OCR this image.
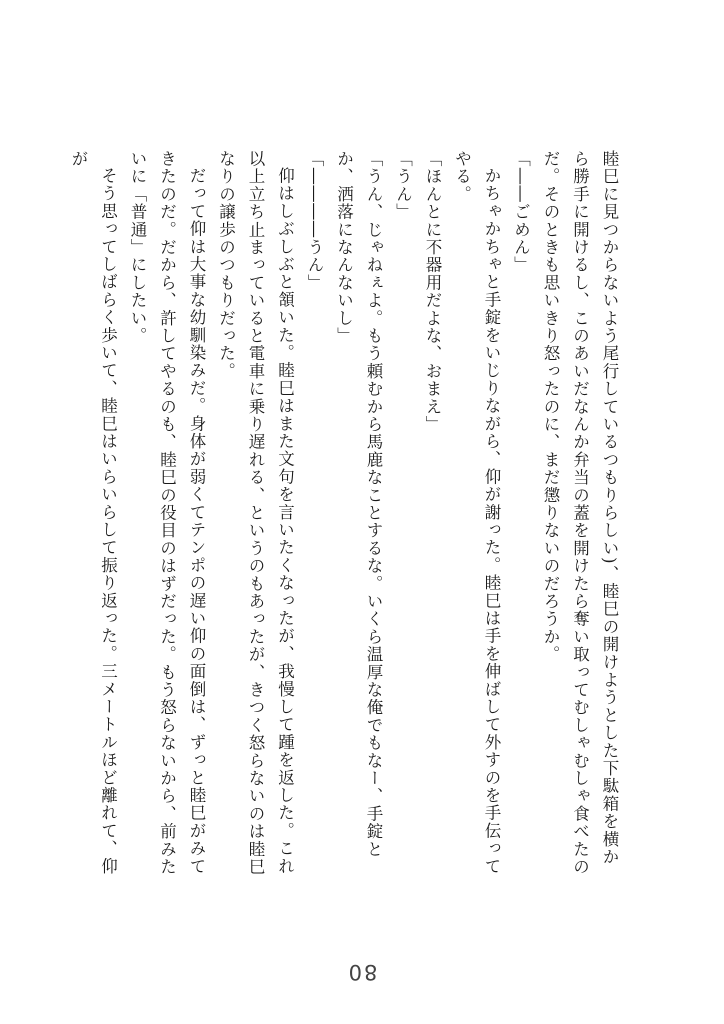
睦巳に見つからないよう尾行しているつもりらしい)、睦巳の開けようとした下駄箱を横から勝手に開けるし、このあいだなんか弁当の蓋を開けたら奪い取ってむしゃむしゃ食べたのだ。そのときも思いきり怒ったのに、まだ懲りないのだろうか。

「――ごめん」

かちゃかちゃと手錠をいじりながら、仰が謝った。睦巳は手を伸ばして外すのを手伝ってやる。

「ほんとに不器用だよな、おまえ」

「うん」

「うん、じゃねぇよ。もう頼むから馬鹿なことするな。いくら温厚な俺でもなー、手錠とか、洒落になんないし」

「――――うん」

仰はしぶしぶと頷いた。睦巳はまた文句を言いたくなったが、我慢して踵を返した。これ以上立ち止まっていると電車に乗り遅れる、というのもあったが、きつく怒らないのは睦巳なりの譲歩のつもりだった。

だって仰は大事な幼馴染みだ。身体が弱くてテンポの遅い仰の面倒は、ずっと睦巳がみてきたのだ。だから、許してやるのも、睦巳の役目のはずだった。もう怒らないから、前みたいに「普通」にしたい。

そう思ってしばらく歩いて、睦巳はいらいらして振り返った。三メートルほど離れて、仰が

80
